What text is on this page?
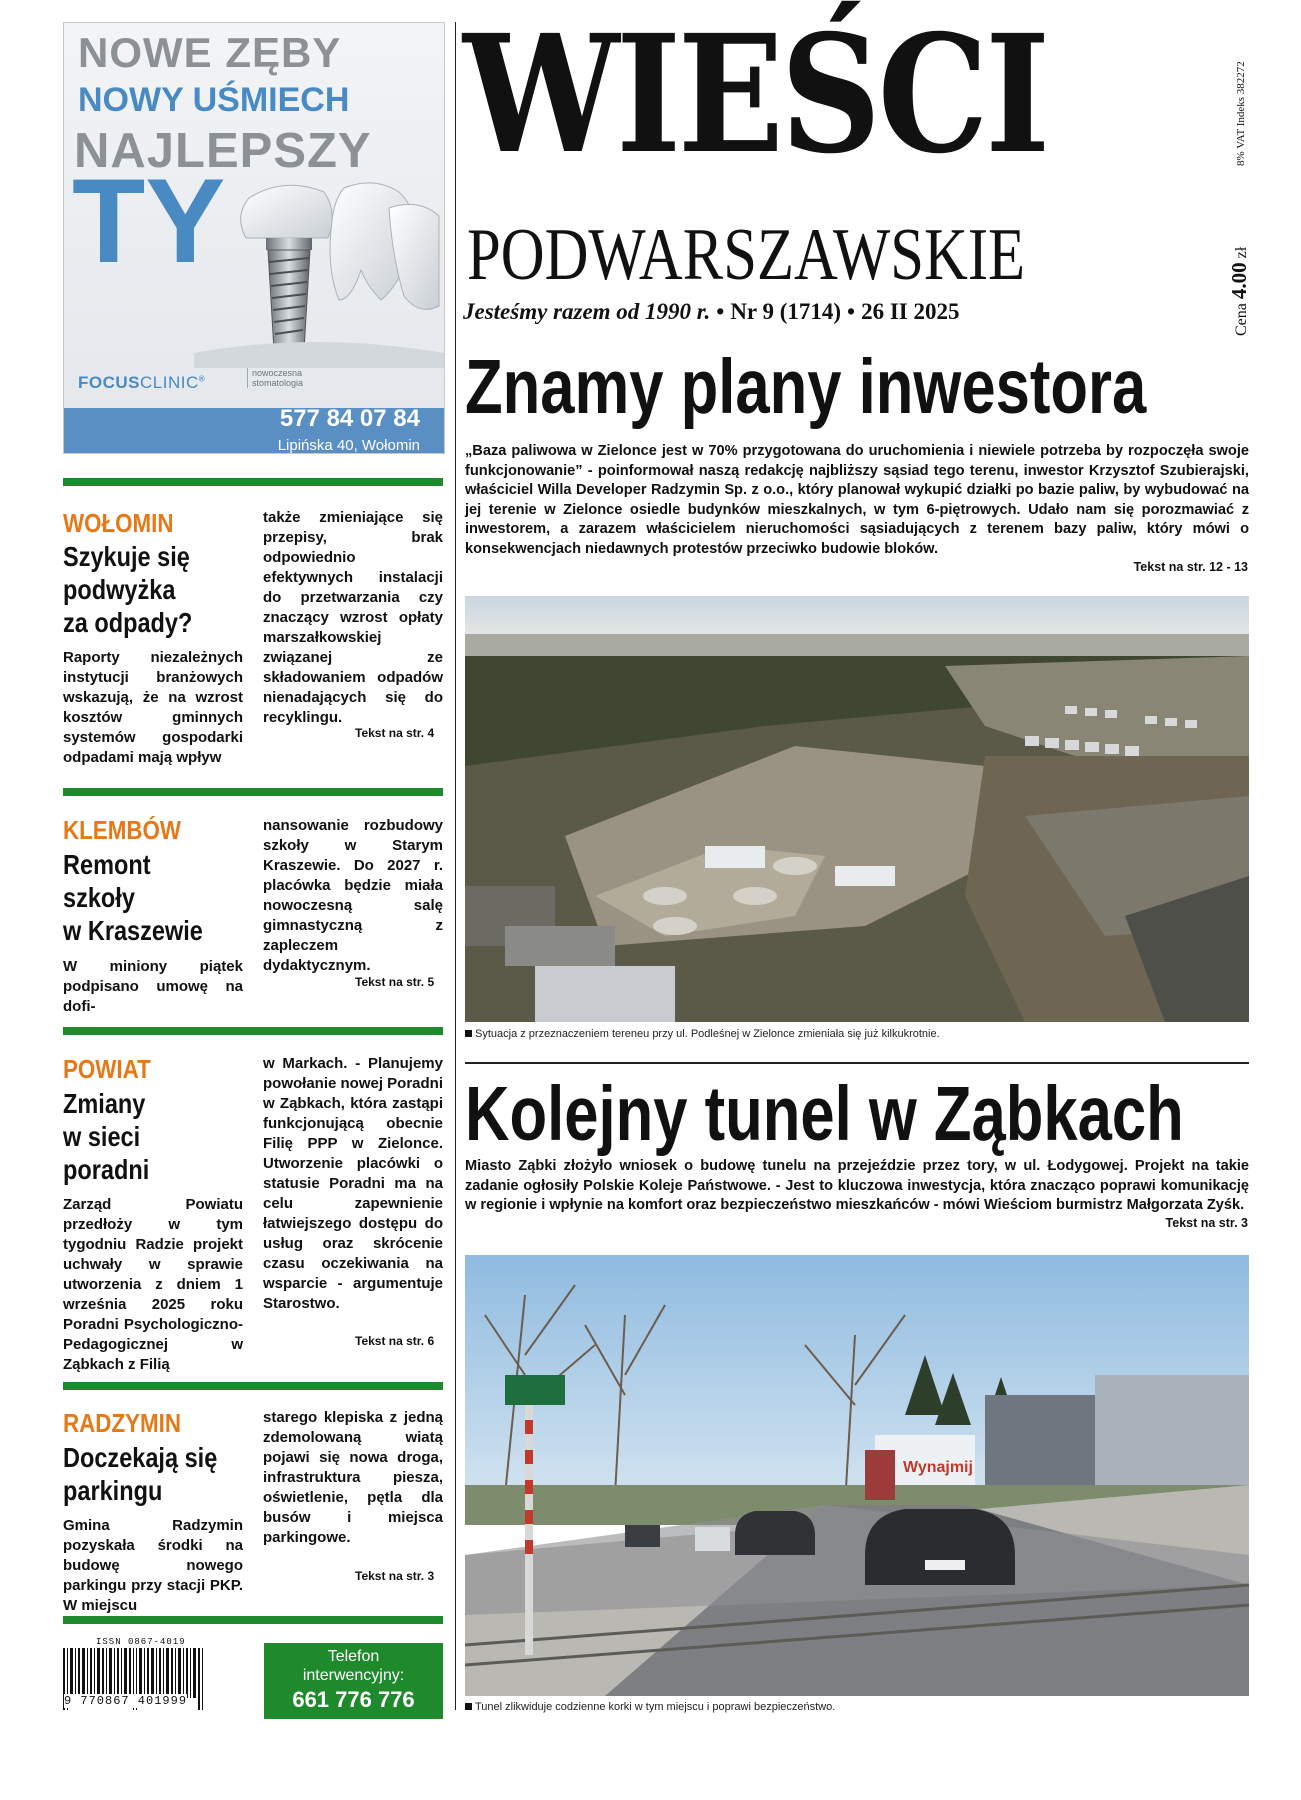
NOWE ZĘBY
NOWY UŚMIECH
NAJLEPSZY
TY
FOCUSCLINIC®
nowoczesna
stomatologia
577 84 07 84
Lipińska 40, Wołomin
WIEŚCI
PODWARSZAWSKIE
Jesteśmy razem od 1990 r. • Nr 9 (1714) • 26 II 2025	Cena 4.00 zł
8% VAT Indeks 382272
Znamy plany inwestora
„Baza paliwowa w Zielonce jest w 70% przygotowana do uruchomienia i niewiele potrzeba by rozpoczęła swoje funkcjonowanie” - poinformował naszą redakcję najbliższy sąsiad tego terenu, inwestor Krzysztof Szubierajski, właściciel Willa Developer Radzymin Sp. z o.o., który planował wykupić działki po bazie paliw, by wybudować na jej terenie w Zielonce osiedle budynków mieszkalnych, w tym 6-piętrowych. Udało nam się porozmawiać z inwestorem, a zarazem właścicielem nieruchomości sąsiadujących z terenem bazy paliw, który mówi o konsekwencjach niedawnych protestów przeciwko budowie bloków.
Tekst na str. 12 - 13
Sytuacja z przeznaczeniem tereneu przy ul. Podleśnej w Zielonce zmieniała się już kilkukrotnie.
Kolejny tunel w Ząbkach
Miasto Ząbki złożyło wniosek o budowę tunelu na przejeździe przez tory, w ul. Łodygowej. Projekt na takie zadanie ogłosiły Polskie Koleje Państwowe. - Jest to kluczowa inwestycja, która znacząco poprawi komunikację w regionie i wpłynie na komfort oraz bezpieczeństwo mieszkańców - mówi Wieściom burmistrz Małgorzata Zyśk.
Tekst na str. 3
Wynajmij
Tunel zlikwiduje codzienne korki w tym miejscu i poprawi bezpieczeństwo.
WOŁOMIN
Szykuje się
podwyżka
za odpady?
Raporty niezależnych instytucji branżowych wskazują, że na wzrost kosztów gminnych systemów gospodarki odpadami mają wpływ
także zmieniające się przepisy, brak odpowiednio efektywnych instalacji do przetwarzania czy znaczący wzrost opłaty marszałkowskiej związanej ze składowaniem odpadów nienadających się do recyklingu.
Tekst na str. 4
KLEMBÓW
Remont
szkoły
w Kraszewie
W miniony piątek podpisano umowę na dofi-
nansowanie rozbudowy szkoły w Starym Kraszewie. Do 2027 r. placówka będzie miała nowoczesną salę gimnastyczną z zapleczem dydaktycznym.
Tekst na str. 5
POWIAT
Zmiany
w sieci
poradni
Zarząd Powiatu przedłoży w tym tygodniu Radzie projekt uchwały w sprawie utworzenia z dniem 1 września 2025 roku Poradni Psychologiczno-Pedagogicznej w Ząbkach z Filią
w Markach. - Planujemy powołanie nowej Poradni w Ząbkach, która zastąpi funkcjonującą obecnie Filię PPP w Zielonce. Utworzenie placówki o statusie Poradni ma na celu zapewnienie łatwiejszego dostępu do usług oraz skrócenie czasu oczekiwania na wsparcie - argumentuje Starostwo.
Tekst na str. 6
RADZYMIN
Doczekają się
parkingu
Gmina Radzymin pozyskała środki na budowę nowego parkingu przy stacji PKP. W miejscu
starego klepiska z jedną zdemolowaną wiatą pojawi się nowa droga, infrastruktura piesza, oświetlenie, pętla dla busów i miejsca parkingowe.
Tekst na str. 3
ISSN 0867-4019
9 770867 401999
Telefon
interwencyjny:
661 776 776
